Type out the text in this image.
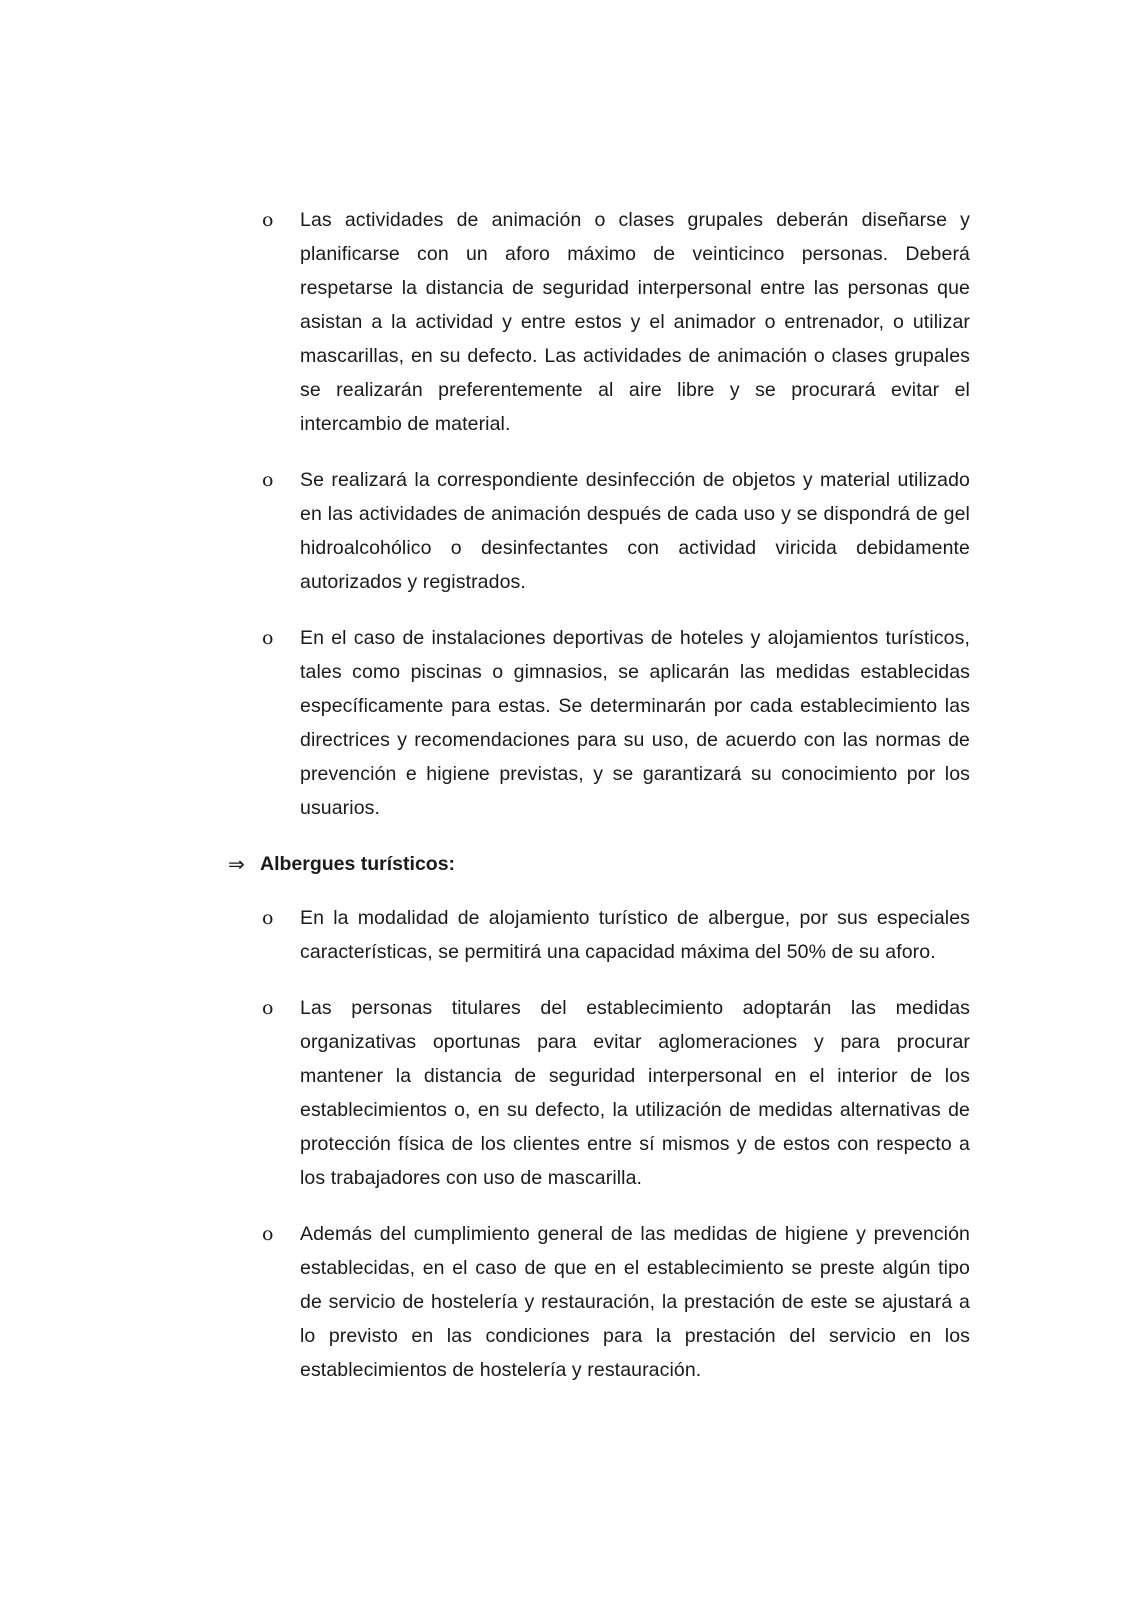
o Las actividades de animación o clases grupales deberán diseñarse y planificarse con un aforo máximo de veinticinco personas. Deberá respetarse la distancia de seguridad interpersonal entre las personas que asistan a la actividad y entre estos y el animador o entrenador, o utilizar mascarillas, en su defecto. Las actividades de animación o clases grupales se realizarán preferentemente al aire libre y se procurará evitar el intercambio de material.
o Se realizará la correspondiente desinfección de objetos y material utilizado en las actividades de animación después de cada uso y se dispondrá de gel hidroalcohólico o desinfectantes con actividad viricida debidamente autorizados y registrados.
o En el caso de instalaciones deportivas de hoteles y alojamientos turísticos, tales como piscinas o gimnasios, se aplicarán las medidas establecidas específicamente para estas. Se determinarán por cada establecimiento las directrices y recomendaciones para su uso, de acuerdo con las normas de prevención e higiene previstas, y se garantizará su conocimiento por los usuarios.
⇒ Albergues turísticos:
o En la modalidad de alojamiento turístico de albergue, por sus especiales características, se permitirá una capacidad máxima del 50% de su aforo.
o Las personas titulares del establecimiento adoptarán las medidas organizativas oportunas para evitar aglomeraciones y para procurar mantener la distancia de seguridad interpersonal en el interior de los establecimientos o, en su defecto, la utilización de medidas alternativas de protección física de los clientes entre sí mismos y de estos con respecto a los trabajadores con uso de mascarilla.
o Además del cumplimiento general de las medidas de higiene y prevención establecidas, en el caso de que en el establecimiento se preste algún tipo de servicio de hostelería y restauración, la prestación de este se ajustará a lo previsto en las condiciones para la prestación del servicio en los establecimientos de hostelería y restauración.
